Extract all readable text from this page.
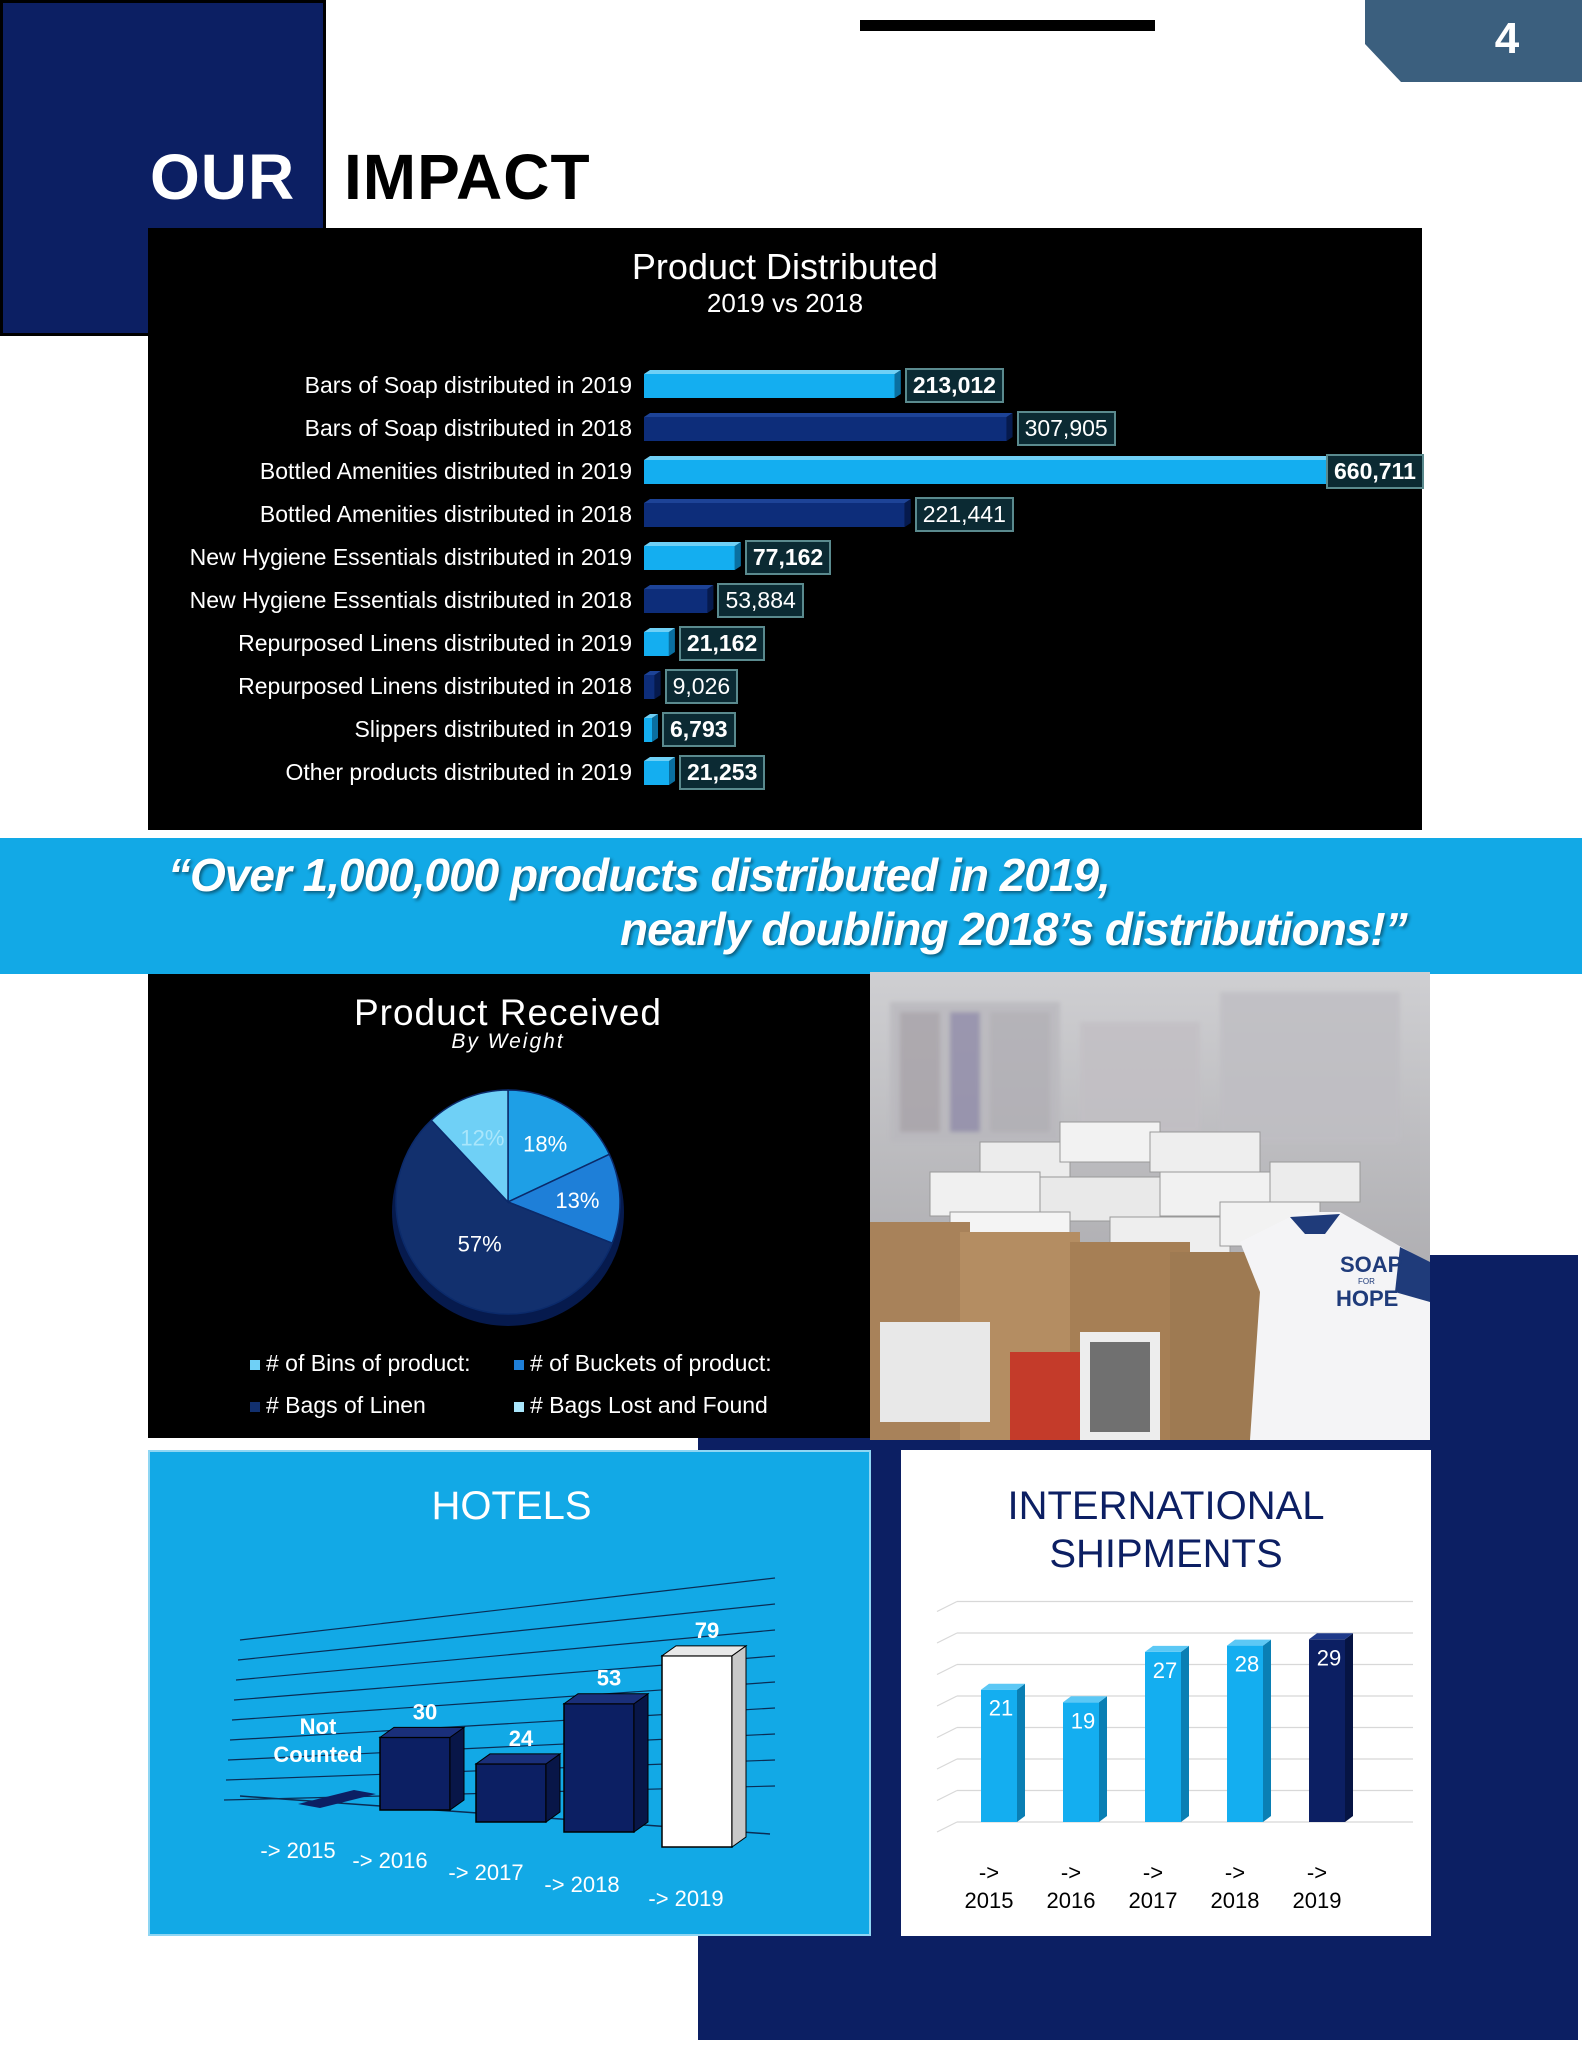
4
OUR IMPACT
Product Distributed
2019 vs 2018
Bars of Soap distributed in 2019	213,012
Bars of Soap distributed in 2018	307,905
Bottled Amenities distributed in 2019	660,711
Bottled Amenities distributed in 2018	221,441
New Hygiene Essentials distributed in 2019	77,162
New Hygiene Essentials distributed in 2018	53,884
Repurposed Linens distributed in 2019	21,162
Repurposed Linens distributed in 2018	9,026
Slippers distributed in 2019	6,793
Other products distributed in 2019	21,253
“Over 1,000,000 products distributed in 2019,
nearly doubling 2018’s distributions!”
Product Received
By Weight
18%
13%
57%
12%
# of Bins of product:	# of Buckets of product:
# Bags of Linen	# Bags Lost and Found
SOAP
FOR
HOPE
HOTELS
Not
Counted
-> 2015
30
-> 2016
24
-> 2017
53
-> 2018
79
-> 2019
INTERNATIONAL SHIPMENTS
21
->
2015
19
->
2016
27
->
2017
28
->
2018
29
->
2019
